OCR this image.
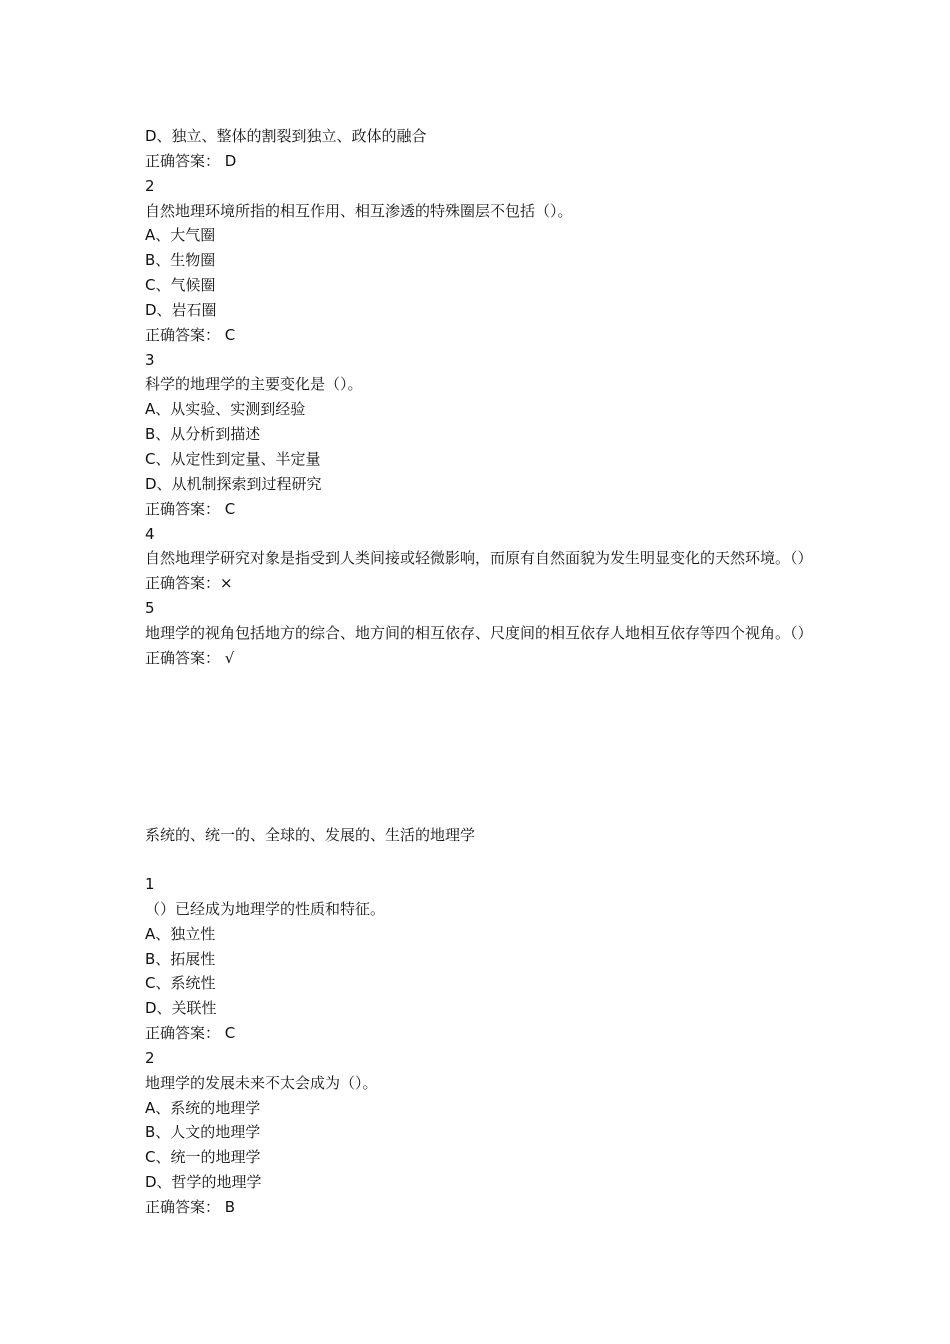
D、独立、整体的割裂到独立、政体的融合
正确答案： D
2
自然地理环境所指的相互作用、相互渗透的特殊圈层不包括（）。
A、大气圈
B、生物圈
C、气候圈
D、岩石圈
正确答案： C
3
科学的地理学的主要变化是（）。
A、从实验、实测到经验
B、从分析到描述
C、从定性到定量、半定量
D、从机制探索到过程研究
正确答案： C
4
自然地理学研究对象是指受到人类间接或轻微影响，而原有自然面貌为发生明显变化的天然环境。（）
正确答案：×
5
地理学的视角包括地方的综合、地方间的相互依存、尺度间的相互依存人地相互依存等四个视角。（）
正确答案： √
系统的、统一的、全球的、发展的、生活的地理学
1
（）已经成为地理学的性质和特征。
A、独立性
B、拓展性
C、系统性
D、关联性
正确答案： C
2
地理学的发展未来不太会成为（）。
A、系统的地理学
B、人文的地理学
C、统一的地理学
D、哲学的地理学
正确答案： B
